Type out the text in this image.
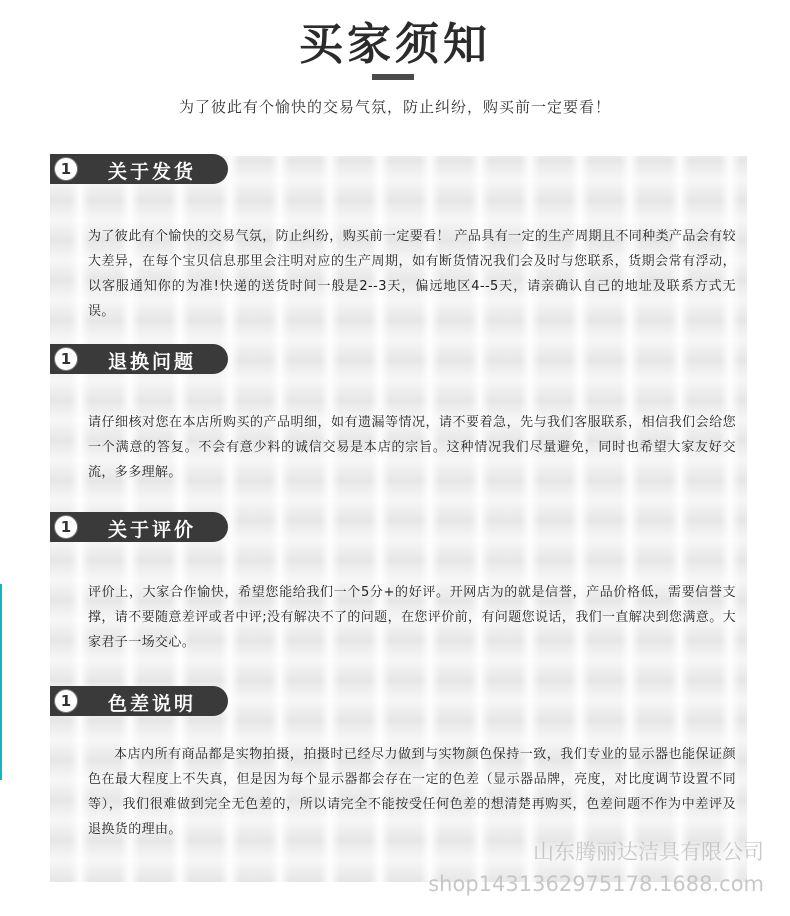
买家须知
为了彼此有个愉快的交易气氛，防止纠纷，购买前一定要看！
1	关于发货
为了彼此有个愉快的交易气氛，防止纠纷，购买前一定要看！ 产品具有一定的生产周期且不同种类产品会有较大差异，在每个宝贝信息那里会注明对应的生产周期，如有断货情况我们会及时与您联系，货期会常有浮动，以客服通知你的为准!快递的送货时间一般是2--3天，偏远地区4--5天，请亲确认自己的地址及联系方式无误。
1	退换问题
请仔细核对您在本店所购买的产品明细，如有遗漏等情况，请不要着急，先与我们客服联系，相信我们会给您一个满意的答复。不会有意少料的诚信交易是本店的宗旨。这种情况我们尽量避免，同时也希望大家友好交流，多多理解。
1	关于评价
评价上，大家合作愉快，希望您能给我们一个5分+的好评。开网店为的就是信誉，产品价格低，需要信誉支撑，请不要随意差评或者中评;没有解决不了的问题，在您评价前，有问题您说话，我们一直解决到您满意。大家君子一场交心。
1	色差说明
本店内所有商品都是实物拍摄，拍摄时已经尽力做到与实物颜色保持一致，我们专业的显示器也能保证颜色在最大程度上不失真，但是因为每个显示器都会存在一定的色差（显示器品牌，亮度，对比度调节设置不同等），我们很难做到完全无色差的，所以请完全不能按受任何色差的想清楚再购买，色差问题不作为中差评及退换货的理由。
山东腾丽达洁具有限公司
shop1431362975178.1688.com
